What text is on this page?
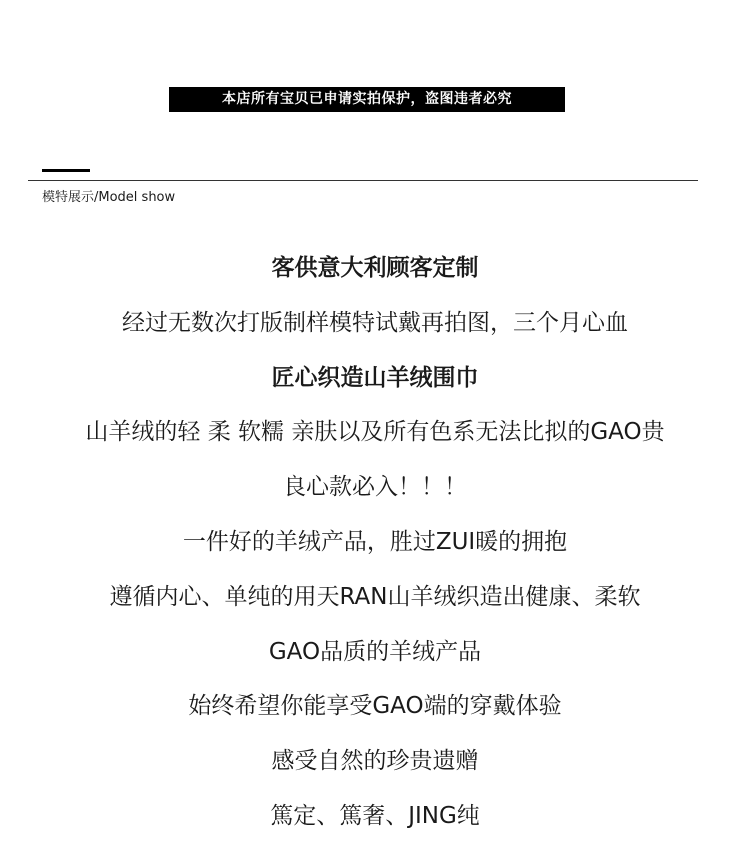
本店所有宝贝已申请实拍保护，盗图违者必究
模特展示/Model show
客供意大利顾客定制
经过无数次打版制样模特试戴再拍图，三个月心血
匠心织造山羊绒围巾
山羊绒的轻 柔 软糯 亲肤以及所有色系无法比拟的GAO贵
良心款必入！！！
一件好的羊绒产品，胜过ZUI暖的拥抱
遵循内心、单纯的用天RAN山羊绒织造出健康、柔软
GAO品质的羊绒产品
始终希望你能享受GAO端的穿戴体验
感受自然的珍贵遗赠
篤定、篤奢、JING纯
